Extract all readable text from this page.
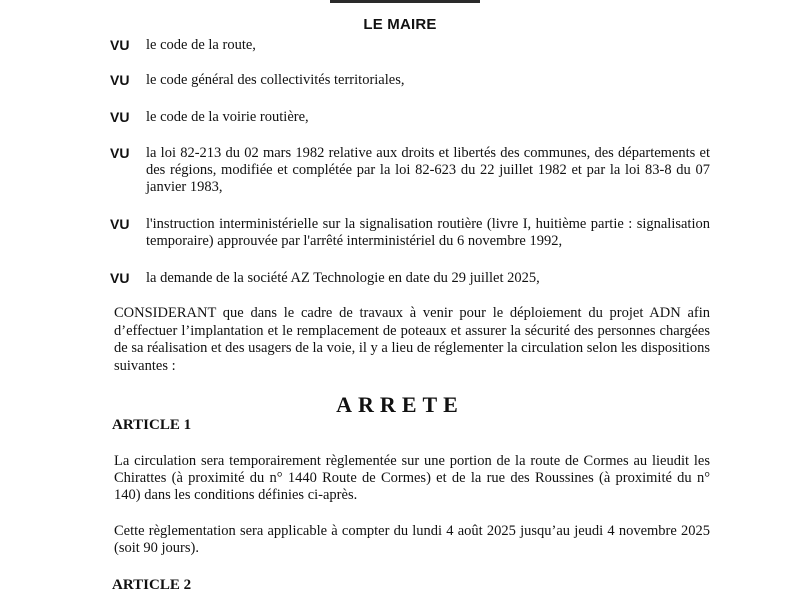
LE MAIRE
VU	le code de la route,
VU	le code général des collectivités territoriales,
VU	le code de la voirie routière,
VU	la loi 82-213 du 02 mars 1982 relative aux droits et libertés des communes, des départements et des régions, modifiée et complétée par la loi 82-623 du 22 juillet 1982 et par la loi 83-8 du 07 janvier 1983,
VU	l'instruction interministérielle sur la signalisation routière (livre I, huitième partie : signalisation temporaire) approuvée par l'arrêté interministériel du 6 novembre 1992,
VU	la demande de la société AZ Technologie en date du 29 juillet 2025,
CONSIDERANT que dans le cadre de travaux à venir pour le déploiement du projet ADN afin d’effectuer l’implantation et le remplacement de poteaux et assurer la sécurité des personnes chargées de sa réalisation et des usagers de la voie, il y a lieu de réglementer la circulation selon les dispositions suivantes :
ARRETE
ARTICLE 1
La circulation sera temporairement règlementée sur une portion de la route de Cormes au lieudit les Chirattes (à proximité du n° 1440 Route de Cormes) et de la rue des Roussines (à proximité du n° 140) dans les conditions définies ci-après.
Cette règlementation sera applicable à compter du lundi 4 août 2025 jusqu’au jeudi 4 novembre 2025 (soit 90 jours).
ARTICLE 2
